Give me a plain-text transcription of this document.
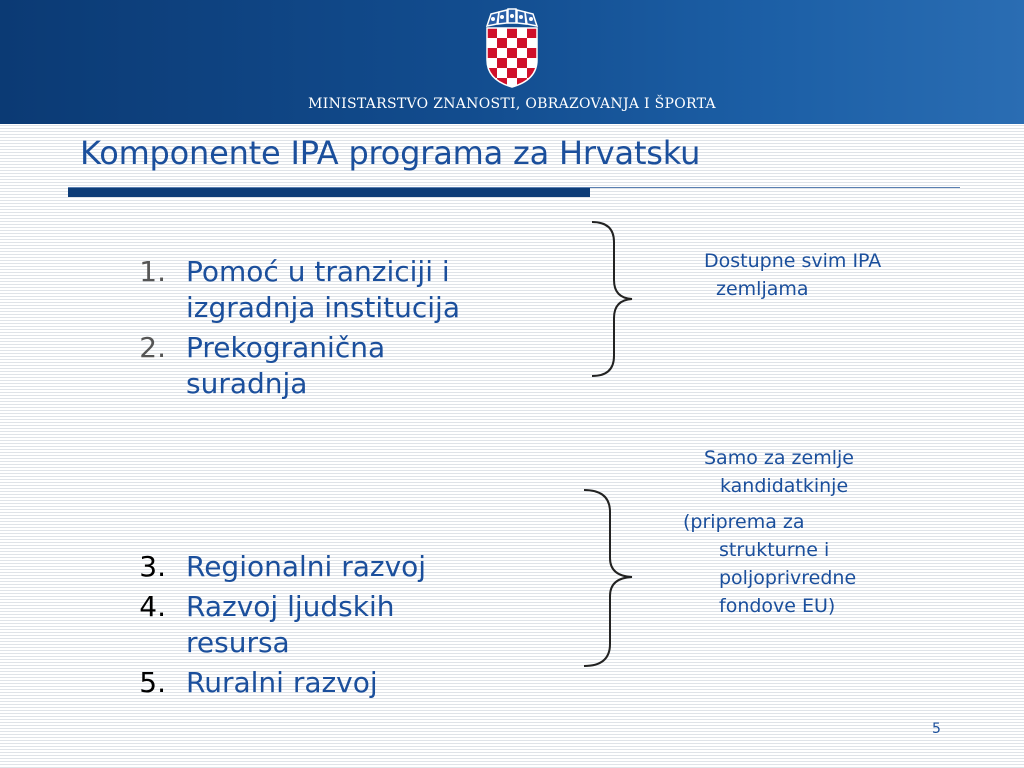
MINISTARSTVO ZNANOSTI, OBRAZOVANJA I ŠPORTA
Komponente IPA programa za Hrvatsku
1. Pomoć u tranziciji i
izgradnja institucija
2. Prekogranična
suradnja
3. Regionalni razvoj
4. Razvoj ljudskih
resursa
5. Ruralni razvoj
Dostupne svim IPA
zemljama
Samo za zemlje
kandidatkinje
(priprema za
strukturne i
poljoprivredne
fondove EU)
5
